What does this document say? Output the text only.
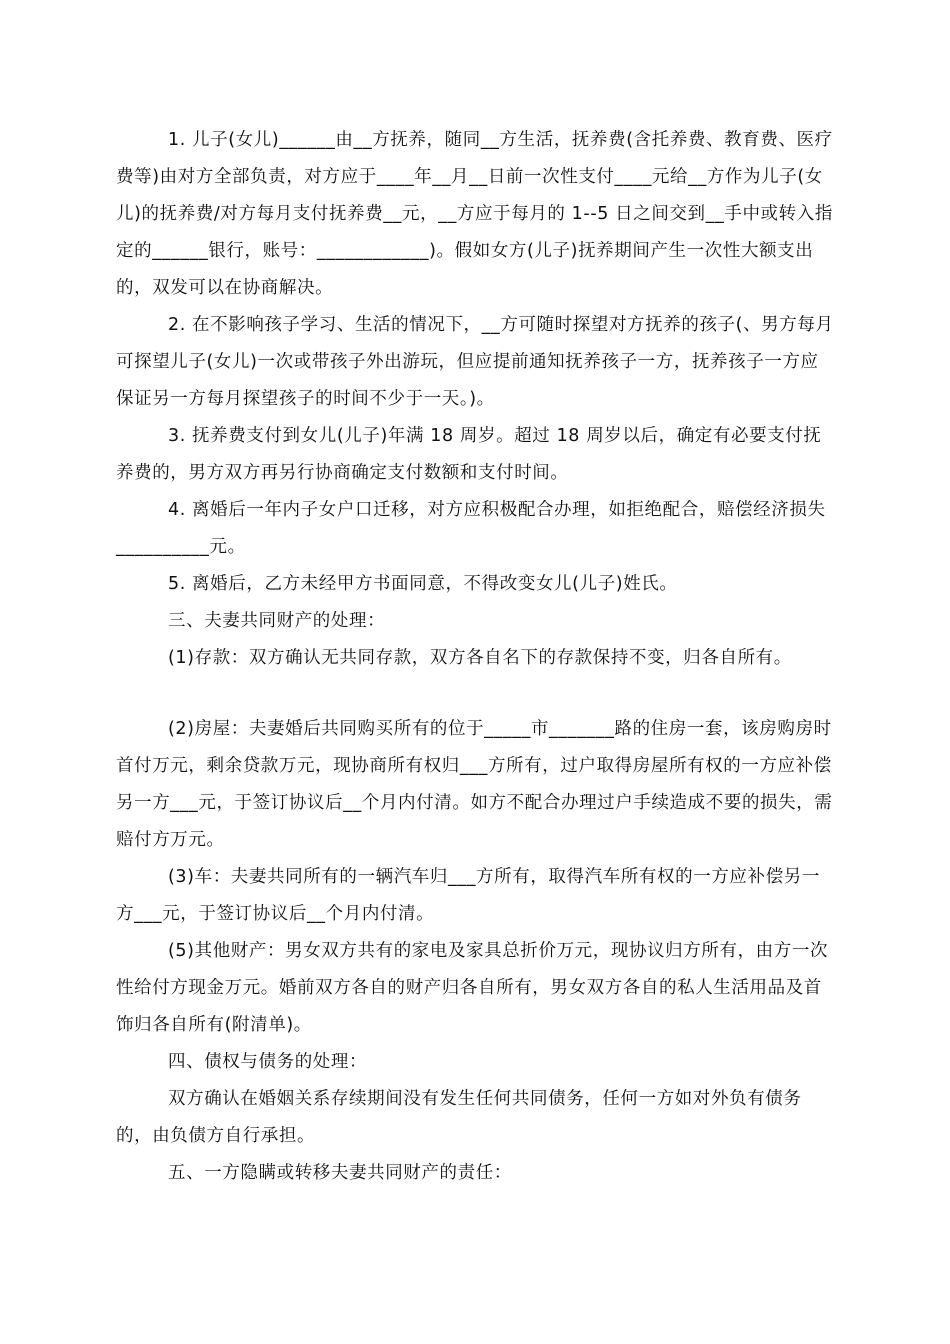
1. 儿子(女儿)______由__方抚养，随同__方生活，抚养费(含托养费、教育费、医疗费等)由对方全部负责，对方应于____年__月__日前一次性支付____元给__方作为儿子(女儿)的抚养费/对方每月支付抚养费__元，__方应于每月的 1--5 日之间交到__手中或转入指定的______银行，账号：____________)。假如女方(儿子)抚养期间产生一次性大额支出的，双发可以在协商解决。

2. 在不影响孩子学习、生活的情况下，__方可随时探望对方抚养的孩子(、男方每月可探望儿子(女儿)一次或带孩子外出游玩，但应提前通知抚养孩子一方，抚养孩子一方应保证另一方每月探望孩子的时间不少于一天。)。

3. 抚养费支付到女儿(儿子)年满 18 周岁。超过 18 周岁以后，确定有必要支付抚养费的，男方双方再另行协商确定支付数额和支付时间。

4. 离婚后一年内子女户口迁移，对方应积极配合办理，如拒绝配合，赔偿经济损失__________元。

5. 离婚后，乙方未经甲方书面同意，不得改变女儿(儿子)姓氏。

三、夫妻共同财产的处理：

(1)存款：双方确认无共同存款，双方各自名下的存款保持不变，归各自所有。

(2)房屋：夫妻婚后共同购买所有的位于_____市_______路的住房一套，该房购房时首付万元，剩余贷款万元，现协商所有权归___方所有，过户取得房屋所有权的一方应补偿另一方___元，于签订协议后__个月内付清。如方不配合办理过户手续造成不要的损失，需赔付方万元。

(3)车：夫妻共同所有的一辆汽车归___方所有，取得汽车所有权的一方应补偿另一方___元，于签订协议后__个月内付清。

(5)其他财产：男女双方共有的家电及家具总折价万元，现协议归方所有，由方一次性给付方现金万元。婚前双方各自的财产归各自所有，男女双方各自的私人生活用品及首饰归各自所有(附清单)。

四、债权与债务的处理：

双方确认在婚姻关系存续期间没有发生任何共同债务，任何一方如对外负有债务的，由负债方自行承担。

五、一方隐瞒或转移夫妻共同财产的责任：
